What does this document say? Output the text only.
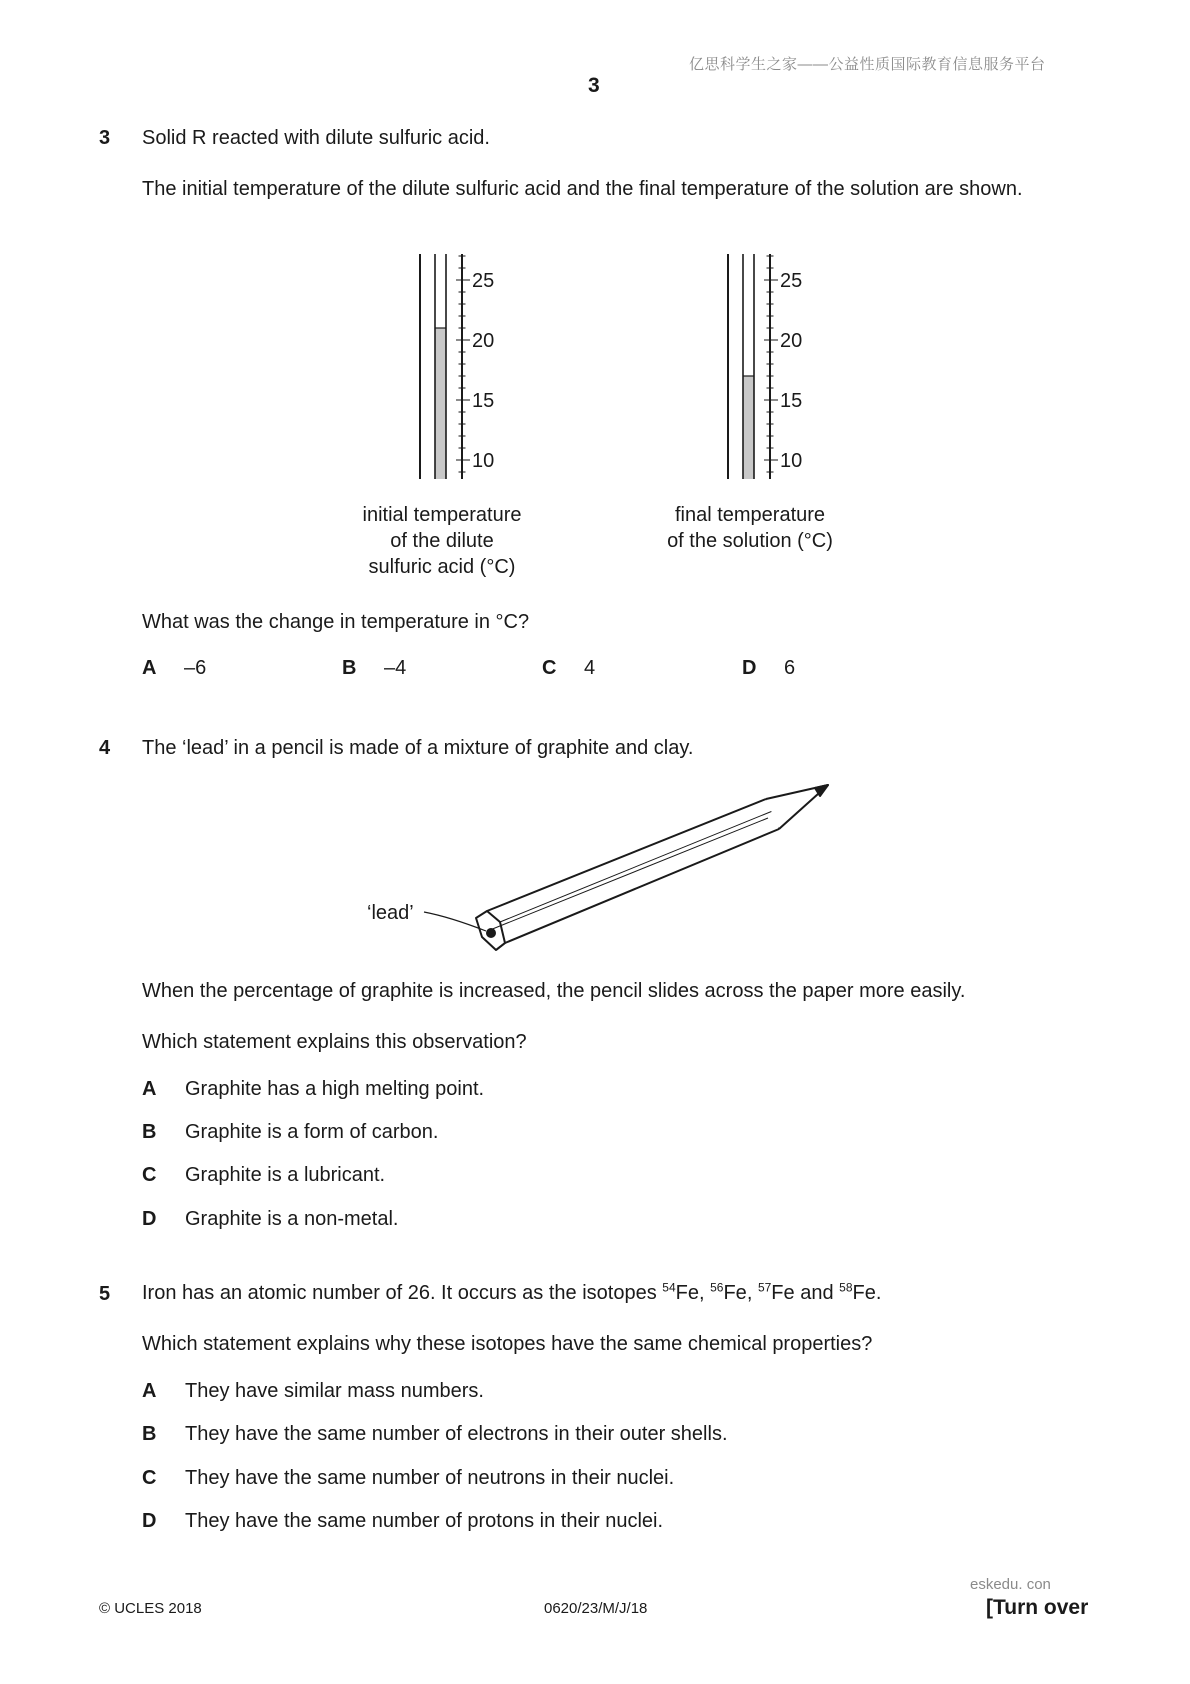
亿思科学生之家——公益性质国际教育信息服务平台
3
3 Solid R reacted with dilute sulfuric acid.
The initial temperature of the dilute sulfuric acid and the final temperature of the solution are shown.
25
20
15
10
25
20
15
10
initial temperature
of the dilute
sulfuric acid (°C)
final temperature
of the solution (°C)
What was the change in temperature in °C?
A –6	B –4	C 4	D 6
4 The ‘lead’ in a pencil is made of a mixture of graphite and clay.
‘lead’
When the percentage of graphite is increased, the pencil slides across the paper more easily.
Which statement explains this observation?
A Graphite has a high melting point.
B Graphite is a form of carbon.
C Graphite is a lubricant.
D Graphite is a non-metal.
5 Iron has an atomic number of 26. It occurs as the isotopes $^{54}$Fe, $^{56}$Fe, $^{57}$Fe and $^{58}$Fe.
Which statement explains why these isotopes have the same chemical properties?
A They have similar mass numbers.
B They have the same number of electrons in their outer shells.
C They have the same number of neutrons in their nuclei.
D They have the same number of protons in their nuclei.
eskedu. con
© UCLES 2018	0620/23/M/J/18	[Turn over
